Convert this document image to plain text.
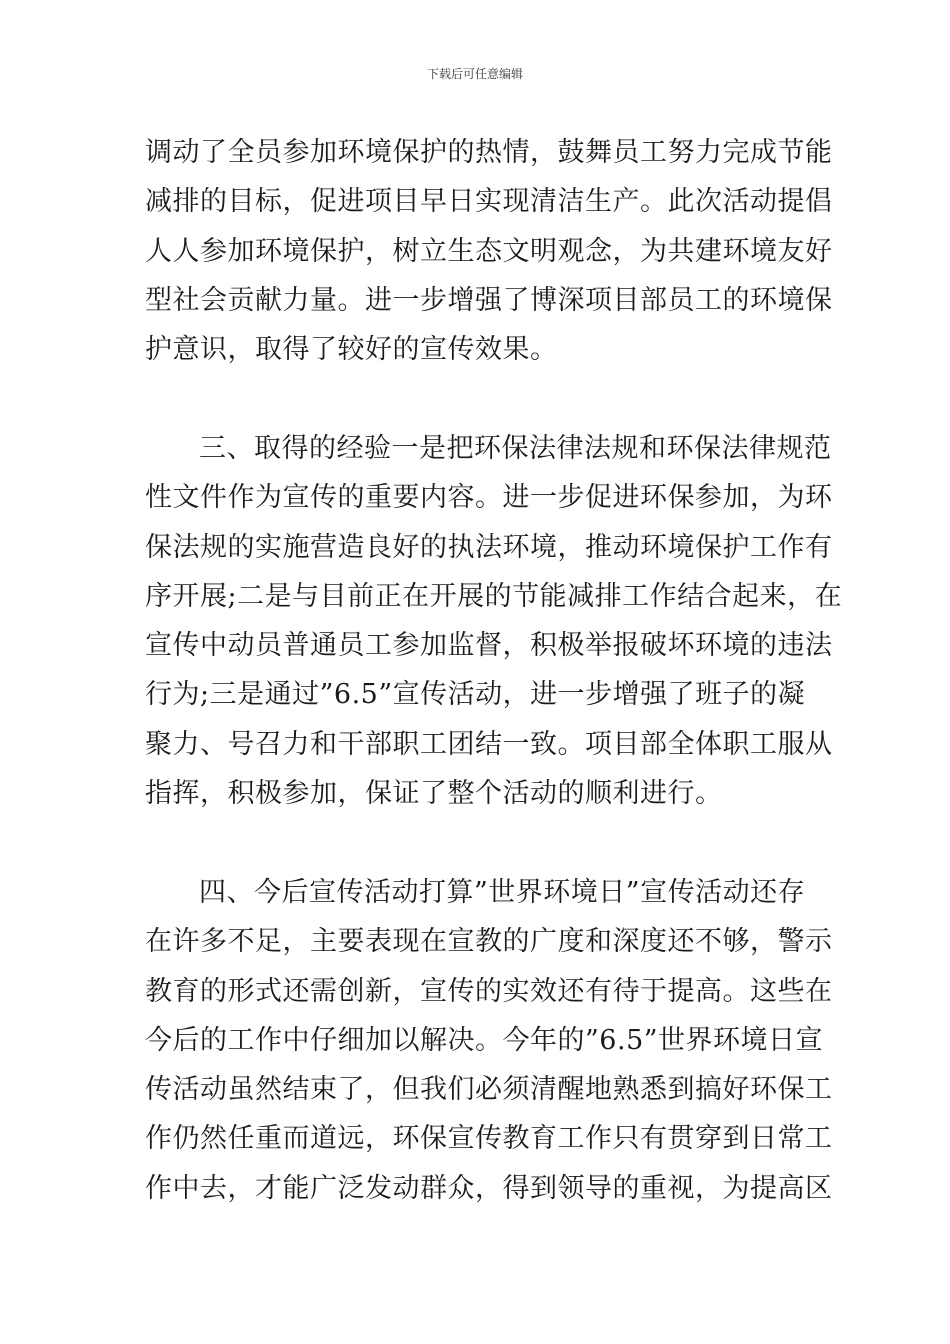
下载后可任意编辑
调动了全员参加环境保护的热情，鼓舞员工努力完成节能
减排的目标，促进项目早日实现清洁生产。此次活动提倡
人人参加环境保护，树立生态文明观念，为共建环境友好
型社会贡献力量。进一步增强了博深项目部员工的环境保
护意识，取得了较好的宣传效果。
三、取得的经验一是把环保法律法规和环保法律规范
性文件作为宣传的重要内容。进一步促进环保参加，为环
保法规的实施营造良好的执法环境，推动环境保护工作有
序开展;二是与目前正在开展的节能减排工作结合起来，在
宣传中动员普通员工参加监督，积极举报破坏环境的违法
行为;三是通过”6.5”宣传活动，进一步增强了班子的凝
聚力、号召力和干部职工团结一致。项目部全体职工服从
指挥，积极参加，保证了整个活动的顺利进行。
四、今后宣传活动打算”世界环境日”宣传活动还存
在许多不足，主要表现在宣教的广度和深度还不够，警示
教育的形式还需创新，宣传的实效还有待于提高。这些在
今后的工作中仔细加以解决。今年的”6.5”世界环境日宣
传活动虽然结束了，但我们必须清醒地熟悉到搞好环保工
作仍然任重而道远，环保宣传教育工作只有贯穿到日常工
作中去，才能广泛发动群众，得到领导的重视，为提高区
